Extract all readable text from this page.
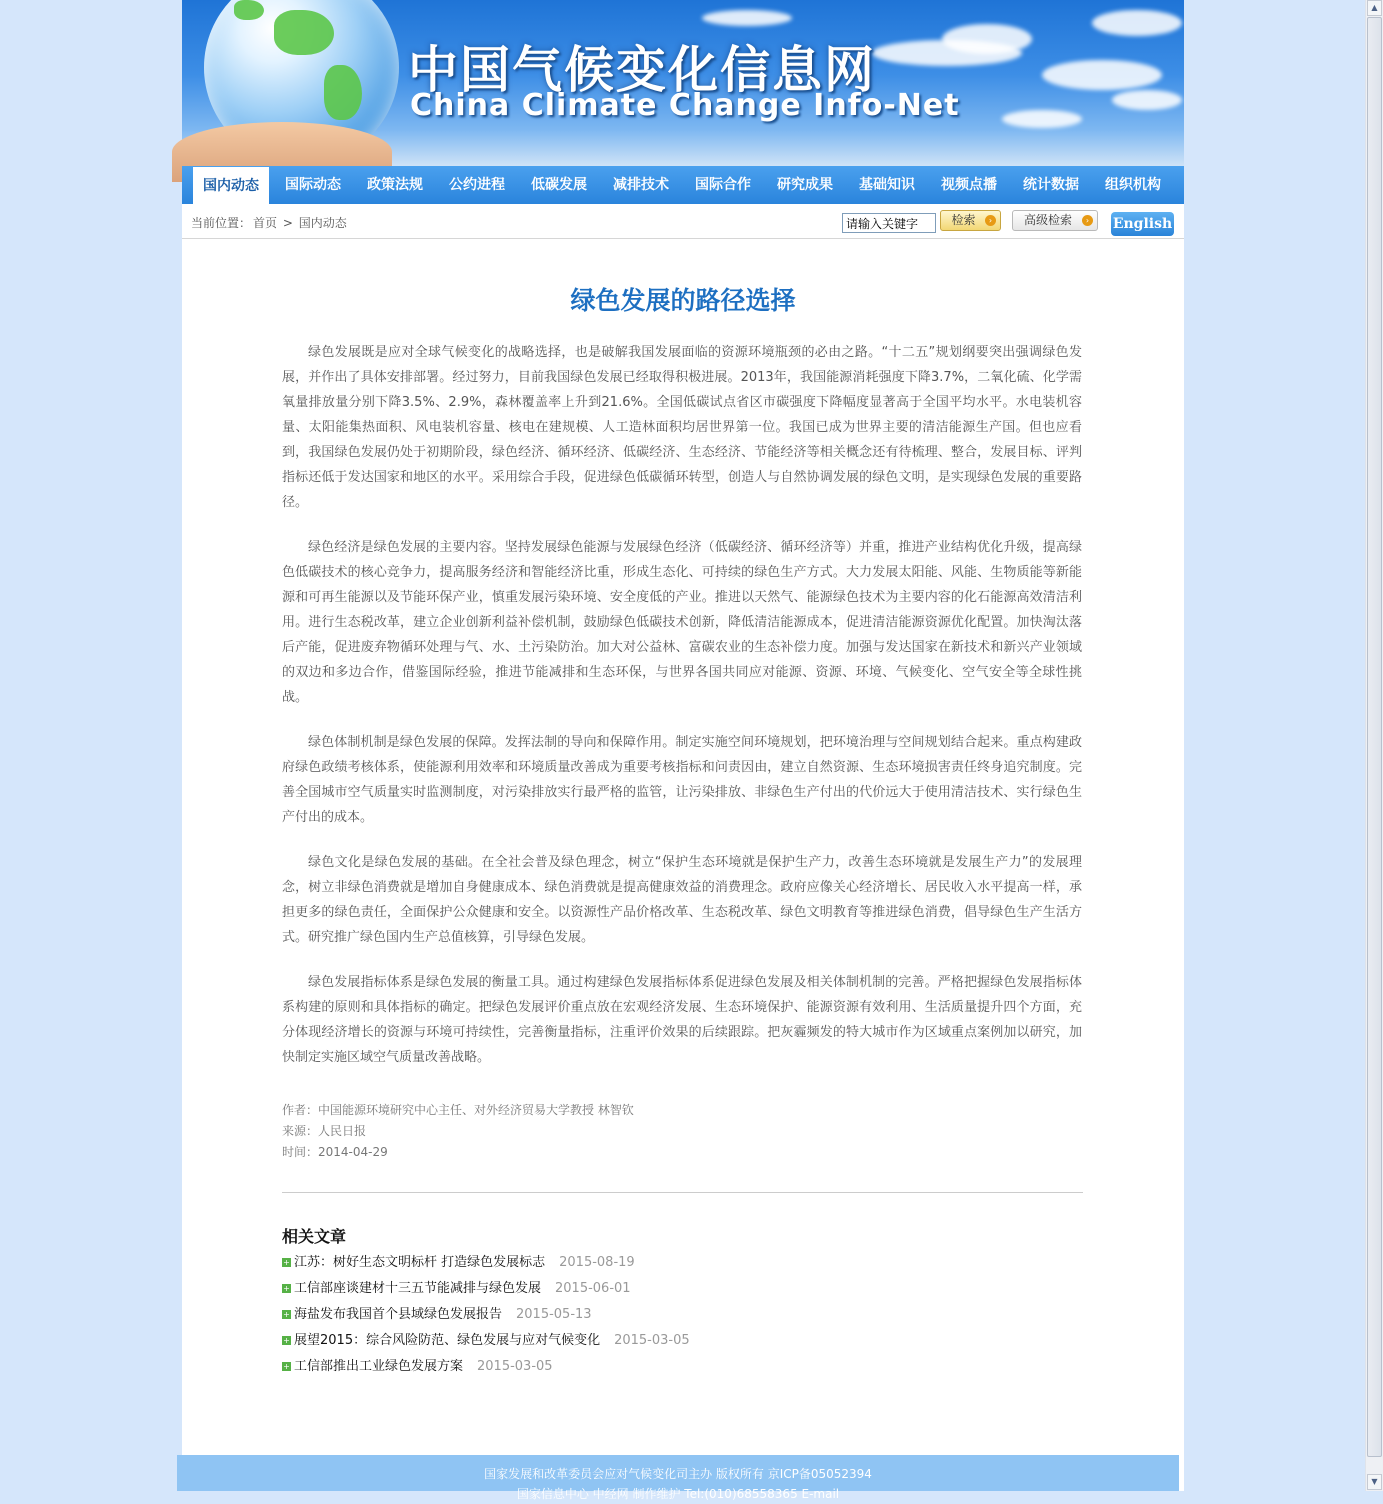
中国气候变化信息网
China Climate Change Info-Net
国内动态	国际动态	政策法规	公约进程	低碳发展	减排技术	国际合作	研究成果	基础知识	视频点播	统计数据	组织机构
当前位置： 首页 > 国内动态
请输入关键字	检索	›	高级检索	› English
绿色发展的路径选择

绿色发展既是应对全球气候变化的战略选择，也是破解我国发展面临的资源环境瓶颈的必由之路。“十二五”规划纲要突出强调绿色发展，并作出了具体安排部署。经过努力，目前我国绿色发展已经取得积极进展。2013年，我国能源消耗强度下降3.7%，二氧化硫、化学需氧量排放量分别下降3.5%、2.9%，森林覆盖率上升到21.6%。全国低碳试点省区市碳强度下降幅度显著高于全国平均水平。水电装机容量、太阳能集热面积、风电装机容量、核电在建规模、人工造林面积均居世界第一位。我国已成为世界主要的清洁能源生产国。但也应看到，我国绿色发展仍处于初期阶段，绿色经济、循环经济、低碳经济、生态经济、节能经济等相关概念还有待梳理、整合，发展目标、评判指标还低于发达国家和地区的水平。采用综合手段，促进绿色低碳循环转型，创造人与自然协调发展的绿色文明，是实现绿色发展的重要路径。

绿色经济是绿色发展的主要内容。坚持发展绿色能源与发展绿色经济（低碳经济、循环经济等）并重，推进产业结构优化升级，提高绿色低碳技术的核心竞争力，提高服务经济和智能经济比重，形成生态化、可持续的绿色生产方式。大力发展太阳能、风能、生物质能等新能源和可再生能源以及节能环保产业，慎重发展污染环境、安全度低的产业。推进以天然气、能源绿色技术为主要内容的化石能源高效清洁利用。进行生态税改革，建立企业创新利益补偿机制，鼓励绿色低碳技术创新，降低清洁能源成本，促进清洁能源资源优化配置。加快淘汰落后产能，促进废弃物循环处理与气、水、土污染防治。加大对公益林、富碳农业的生态补偿力度。加强与发达国家在新技术和新兴产业领域的双边和多边合作，借鉴国际经验，推进节能减排和生态环保，与世界各国共同应对能源、资源、环境、气候变化、空气安全等全球性挑战。

绿色体制机制是绿色发展的保障。发挥法制的导向和保障作用。制定实施空间环境规划，把环境治理与空间规划结合起来。重点构建政府绿色政绩考核体系，使能源利用效率和环境质量改善成为重要考核指标和问责因由，建立自然资源、生态环境损害责任终身追究制度。完善全国城市空气质量实时监测制度，对污染排放实行最严格的监管，让污染排放、非绿色生产付出的代价远大于使用清洁技术、实行绿色生产付出的成本。

绿色文化是绿色发展的基础。在全社会普及绿色理念，树立“保护生态环境就是保护生产力，改善生态环境就是发展生产力”的发展理念，树立非绿色消费就是增加自身健康成本、绿色消费就是提高健康效益的消费理念。政府应像关心经济增长、居民收入水平提高一样，承担更多的绿色责任，全面保护公众健康和安全。以资源性产品价格改革、生态税改革、绿色文明教育等推进绿色消费，倡导绿色生产生活方式。研究推广绿色国内生产总值核算，引导绿色发展。

绿色发展指标体系是绿色发展的衡量工具。通过构建绿色发展指标体系促进绿色发展及相关体制机制的完善。严格把握绿色发展指标体系构建的原则和具体指标的确定。把绿色发展评价重点放在宏观经济发展、生态环境保护、能源资源有效利用、生活质量提升四个方面，充分体现经济增长的资源与环境可持续性，完善衡量指标，注重评价效果的后续跟踪。把灰霾频发的特大城市作为区域重点案例加以研究，加快制定实施区域空气质量改善战略。

作者：中国能源环境研究中心主任、对外经济贸易大学教授 林智钦
来源：人民日报
时间：2014-04-29
相关文章
+ 江苏：树好生态文明标杆 打造绿色发展标志 2015-08-19
+ 工信部座谈建材十三五节能减排与绿色发展 2015-06-01
+ 海盐发布我国首个县域绿色发展报告 2015-05-13
+ 展望2015：综合风险防范、绿色发展与应对气候变化 2015-03-05
+ 工信部推出工业绿色发展方案 2015-03-05
国家发展和改革委员会应对气候变化司主办 版权所有 京ICP备05052394
国家信息中心 中经网 制作维护 Tel:(010)68558365 E-mail
▲
▼
